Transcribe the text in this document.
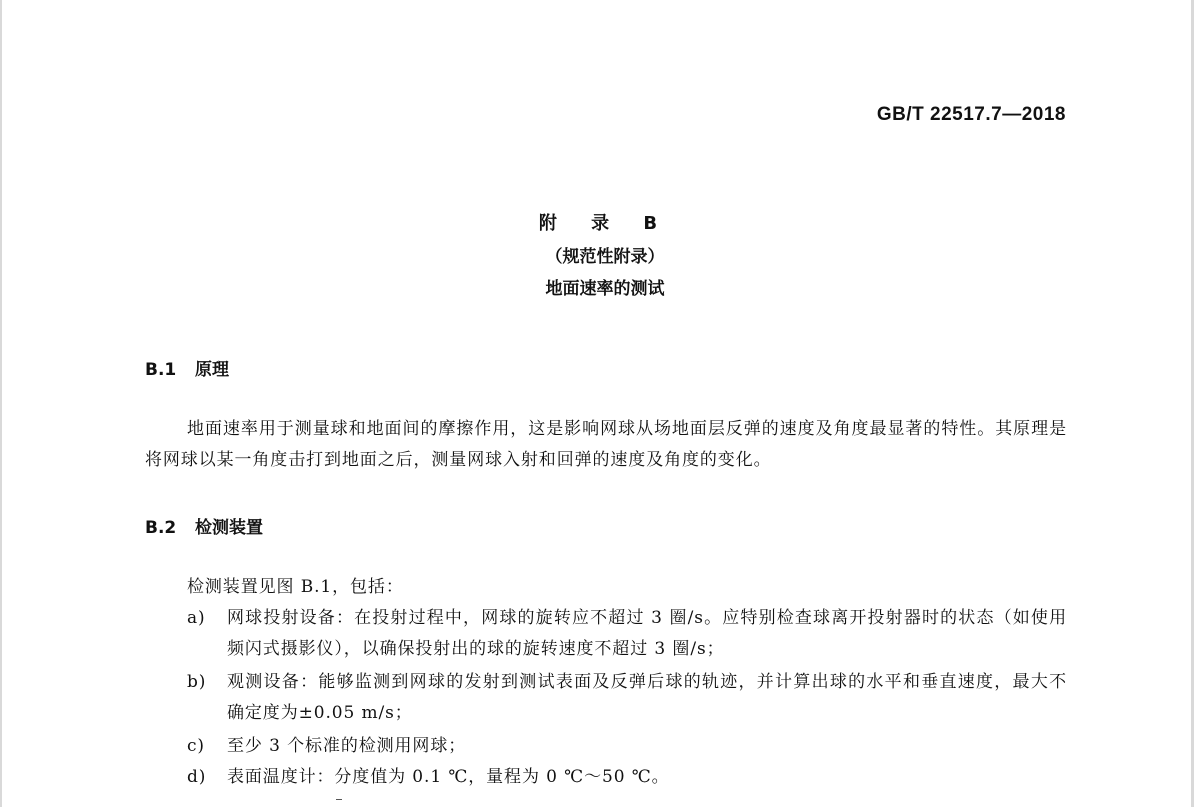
GB/T 22517.7—2018
附 录 B
（规范性附录）
地面速率的测试
B.1 原理
地面速率用于测量球和地面间的摩擦作用，这是影响网球从场地面层反弹的速度及角度最显著的特性。其原理是将网球以某一角度击打到地面之后，测量网球入射和回弹的速度及角度的变化。
B.2 检测装置
检测装置见图 B.1，包括：
a) 网球投射设备：在投射过程中，网球的旋转应不超过 3 圈/s。应特别检查球离开投射器时的状态（如使用频闪式摄影仪），以确保投射出的球的旋转速度不超过 3 圈/s；
b) 观测设备：能够监测到网球的发射到测试表面及反弹后球的轨迹，并计算出球的水平和垂直速度，最大不确定度为±0.05 m/s；
c) 至少 3 个标准的检测用网球；
d) 表面温度计：分度值为 0.1 ℃，量程为 0 ℃～50 ℃。
